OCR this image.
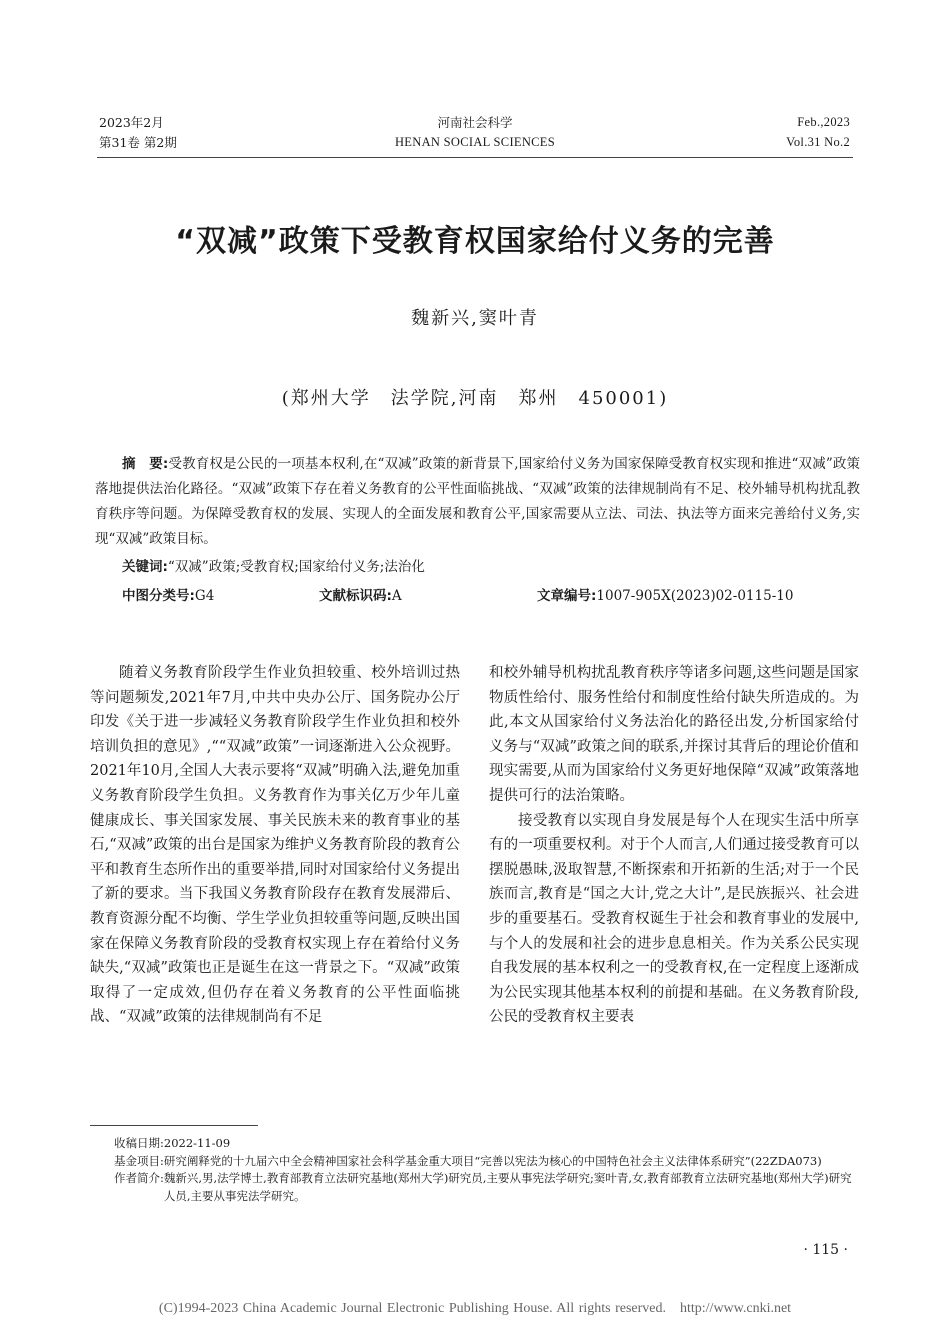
2023年2月
第31卷 第2期
河南社会科学
HENAN SOCIAL SCIENCES
Feb.,2023
Vol.31 No.2
“双减”政策下受教育权国家给付义务的完善
魏新兴,窦叶青
(郑州大学　法学院,河南　郑州　450001)
摘　要:受教育权是公民的一项基本权利,在“双减”政策的新背景下,国家给付义务为国家保障受教育权实现和推进“双减”政策落地提供法治化路径。“双减”政策下存在着义务教育的公平性面临挑战、“双减”政策的法律规制尚有不足、校外辅导机构扰乱教育秩序等问题。为保障受教育权的发展、实现人的全面发展和教育公平,国家需要从立法、司法、执法等方面来完善给付义务,实现“双减”政策目标。
关键词:“双减”政策;受教育权;国家给付义务;法治化
中图分类号:G4	文献标识码:A	文章编号:1007-905X(2023)02-0115-10

随着义务教育阶段学生作业负担较重、校外培训过热等问题频发,2021年7月,中共中央办公厅、国务院办公厅印发《关于进一步减轻义务教育阶段学生作业负担和校外培训负担的意见》,““双减”政策”一词逐渐进入公众视野。2021年10月,全国人大表示要将“双减”明确入法,避免加重义务教育阶段学生负担。义务教育作为事关亿万少年儿童健康成长、事关国家发展、事关民族未来的教育事业的基石,“双减”政策的出台是国家为维护义务教育阶段的教育公平和教育生态所作出的重要举措,同时对国家给付义务提出了新的要求。当下我国义务教育阶段存在教育发展滞后、教育资源分配不均衡、学生学业负担较重等问题,反映出国家在保障义务教育阶段的受教育权实现上存在着给付义务缺失,“双减”政策也正是诞生在这一背景之下。“双减”政策取得了一定成效,但仍存在着义务教育的公平性面临挑战、“双减”政策的法律规制尚有不足

和校外辅导机构扰乱教育秩序等诸多问题,这些问题是国家物质性给付、服务性给付和制度性给付缺失所造成的。为此,本文从国家给付义务法治化的路径出发,分析国家给付义务与“双减”政策之间的联系,并探讨其背后的理论价值和现实需要,从而为国家给付义务更好地保障“双减”政策落地提供可行的法治策略。

接受教育以实现自身发展是每个人在现实生活中所享有的一项重要权利。对于个人而言,人们通过接受教育可以摆脱愚昧,汲取智慧,不断探索和开拓新的生活;对于一个民族而言,教育是“国之大计,党之大计”,是民族振兴、社会进步的重要基石。受教育权诞生于社会和教育事业的发展中,与个人的发展和社会的进步息息相关。作为关系公民实现自我发展的基本权利之一的受教育权,在一定程度上逐渐成为公民实现其他基本权利的前提和基础。在义务教育阶段,公民的受教育权主要表

收稿日期: 2022-11-09
基金项目: 研究阐释党的十九届六中全会精神国家社会科学基金重大项目“完善以宪法为核心的中国特色社会主义法律体系研究”(22ZDA073)
作者简介: 魏新兴,男,法学博士,教育部教育立法研究基地(郑州大学)研究员,主要从事宪法学研究;窦叶青,女,教育部教育立法研究基地(郑州大学)研究人员,主要从事宪法学研究。
· 115 ·
(C)1994-2023 China Academic Journal Electronic Publishing House. All rights reserved.　http://www.cnki.net
